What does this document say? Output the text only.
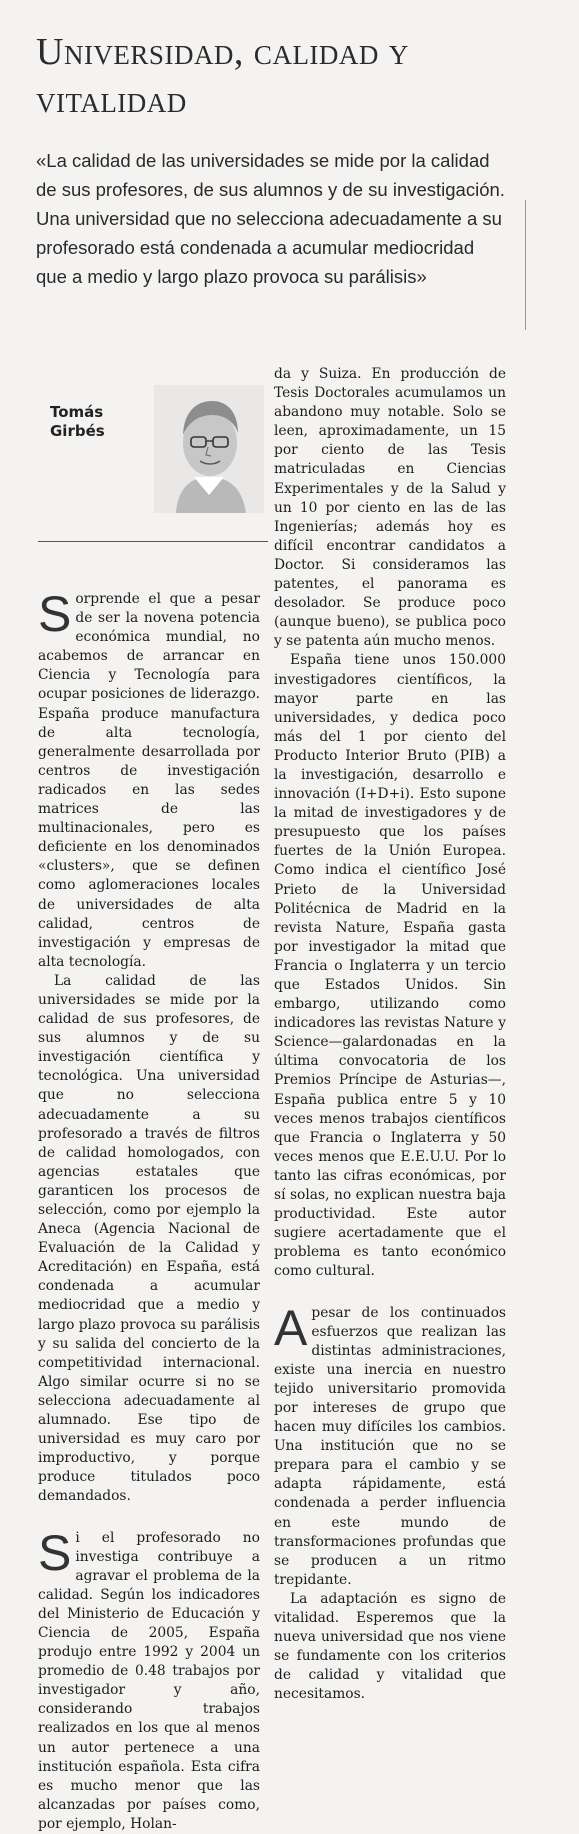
Universidad, calidad y vitalidad

«La calidad de las universidades se mide por la calidad de sus profesores, de sus alumnos y de su investigación. Una universidad que no selecciona adecuadamente a su profesorado está condenada a acumular mediocridad que a medio y largo plazo provoca su parálisis»

Tomás Girbés

Sorprende el que a pesar de ser la novena potencia económica mundial, no acabemos de arrancar en Ciencia y Tecnología para ocupar posiciones de liderazgo. España produce manufactura de alta tecnología, generalmente desarrollada por centros de investigación radicados en las sedes matrices de las multinacionales, pero es deficiente en los denominados «clusters», que se definen como aglomeraciones locales de universidades de alta calidad, centros de investigación y empresas de alta tecnología.

La calidad de las universidades se mide por la calidad de sus profesores, de sus alumnos y de su investigación científica y tecnológica. Una universidad que no selecciona adecuadamente a su profesorado a través de filtros de calidad homologados, con agencias estatales que garanticen los procesos de selección, como por ejemplo la Aneca (Agencia Nacional de Evaluación de la Calidad y Acreditación) en España, está condenada a acumular mediocridad que a medio y largo plazo provoca su parálisis y su salida del concierto de la competitividad internacional. Algo similar ocurre si no se selecciona adecuadamente al alumnado. Ese tipo de universidad es muy caro por improductivo, y porque produce titulados poco demandados.

Si el profesorado no investiga contribuye a agravar el problema de la calidad. Según los indicadores del Ministerio de Educación y Ciencia de 2005, España produjo entre 1992 y 2004 un promedio de 0.48 trabajos por investigador y año, considerando trabajos realizados en los que al menos un autor pertenece a una institución española. Esta cifra es mucho menor que las alcanzadas por países como, por ejemplo, Holan-

da y Suiza. En producción de Tesis Doctorales acumulamos un abandono muy notable. Solo se leen, aproximadamente, un 15 por ciento de las Tesis matriculadas en Ciencias Experimentales y de la Salud y un 10 por ciento en las de las Ingenierías; además hoy es difícil encontrar candidatos a Doctor. Si consideramos las patentes, el panorama es desolador. Se produce poco (aunque bueno), se publica poco y se patenta aún mucho menos.

España tiene unos 150.000 investigadores científicos, la mayor parte en las universidades, y dedica poco más del 1 por ciento del Producto Interior Bruto (PIB) a la investigación, desarrollo e innovación (I+D+i). Esto supone la mitad de investigadores y de presupuesto que los países fuertes de la Unión Europea. Como indica el científico José Prieto de la Universidad Politécnica de Madrid en la revista Nature, España gasta por investigador la mitad que Francia o Inglaterra y un tercio que Estados Unidos. Sin embargo, utilizando como indicadores las revistas Nature y Science—galardonadas en la última convocatoria de los Premios Príncipe de Asturias—, España publica entre 5 y 10 veces menos trabajos científicos que Francia o Inglaterra y 50 veces menos que E.E.U.U. Por lo tanto las cifras económicas, por sí solas, no explican nuestra baja productividad. Este autor sugiere acertadamente que el problema es tanto económico como cultural.

Apesar de los continuados esfuerzos que realizan las distintas administraciones, existe una inercia en nuestro tejido universitario promovida por intereses de grupo que hacen muy difíciles los cambios. Una institución que no se prepara para el cambio y se adapta rápidamente, está condenada a perder influencia en este mundo de transformaciones profundas que se producen a un ritmo trepidante.

La adaptación es signo de vitalidad. Esperemos que la nueva universidad que nos viene se fundamente con los criterios de calidad y vitalidad que necesitamos.
